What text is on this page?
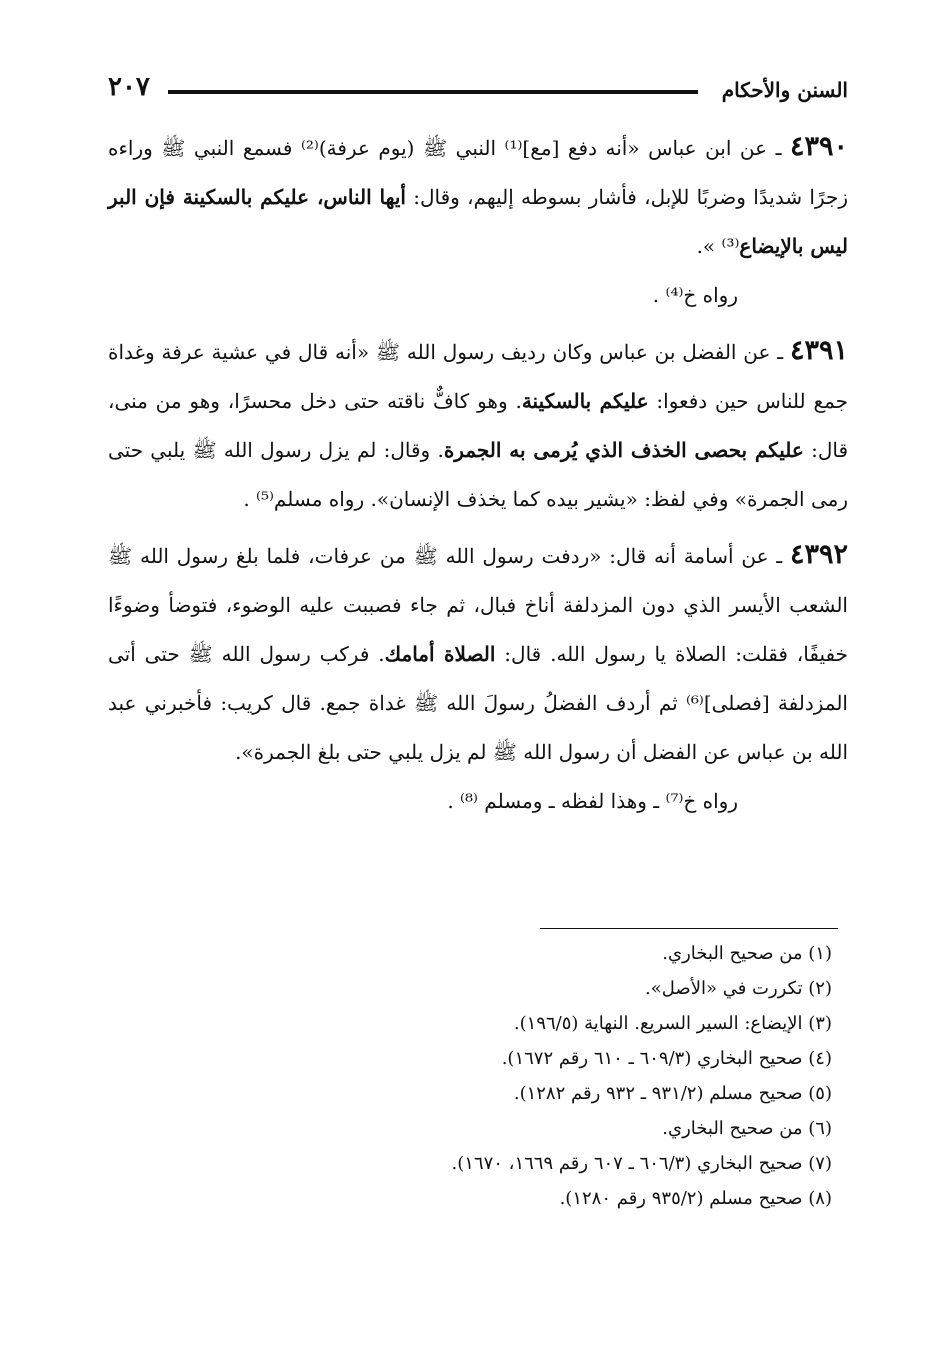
٢٠٧	السنن والأحكام

٤٣٩٠ ـ عن ابن عباس «أنه دفع [مع]⁽¹⁾ النبي ﷺ (يوم عرفة)⁽²⁾ فسمع النبي ﷺ وراءه زجرًا شديدًا وضربًا للإبل، فأشار بسوطه إليهم، وقال: أيها الناس، عليكم بالسكينة فإن البر ليس بالإيضاع⁽³⁾ ».

رواه خ⁽⁴⁾ .

٤٣٩١ ـ عن الفضل بن عباس وكان رديف رسول الله ﷺ «أنه قال في عشية عرفة وغداة جمع للناس حين دفعوا: عليكم بالسكينة. وهو كافٌّ ناقته حتى دخل محسرًا، وهو من منى، قال: عليكم بحصى الخذف الذي يُرمى به الجمرة. وقال: لم يزل رسول الله ﷺ يلبي حتى رمى الجمرة» وفي لفظ: «يشير بيده كما يخذف الإنسان». رواه مسلم⁽⁵⁾ .

٤٣٩٢ ـ عن أسامة أنه قال: «ردفت رسول الله ﷺ من عرفات، فلما بلغ رسول الله ﷺ الشعب الأيسر الذي دون المزدلفة أناخ فبال، ثم جاء فصببت عليه الوضوء، فتوضأ وضوءًا خفيفًا، فقلت: الصلاة يا رسول الله. قال: الصلاة أمامك. فركب رسول الله ﷺ حتى أتى المزدلفة [فصلى]⁽⁶⁾ ثم أردف الفضلُ رسولَ الله ﷺ غداة جمع. قال كريب: فأخبرني عبد الله بن عباس عن الفضل أن رسول الله ﷺ لم يزل يلبي حتى بلغ الجمرة».

رواه خ⁽⁷⁾ ـ وهذا لفظه ـ ومسلم ⁽⁸⁾ .

(١) من صحيح البخاري.
(٢) تكررت في «الأصل».
(٣) الإيضاع: السير السريع. النهاية (١٩٦/٥).
(٤) صحيح البخاري (٦٠٩/٣ ـ ٦١٠ رقم ١٦٧٢).
(٥) صحيح مسلم (٩٣١/٢ ـ ٩٣٢ رقم ١٢٨٢).
(٦) من صحيح البخاري.
(٧) صحيح البخاري (٦٠٦/٣ ـ ٦٠٧ رقم ١٦٦٩، ١٦٧٠).
(٨) صحيح مسلم (٩٣٥/٢ رقم ١٢٨٠).
